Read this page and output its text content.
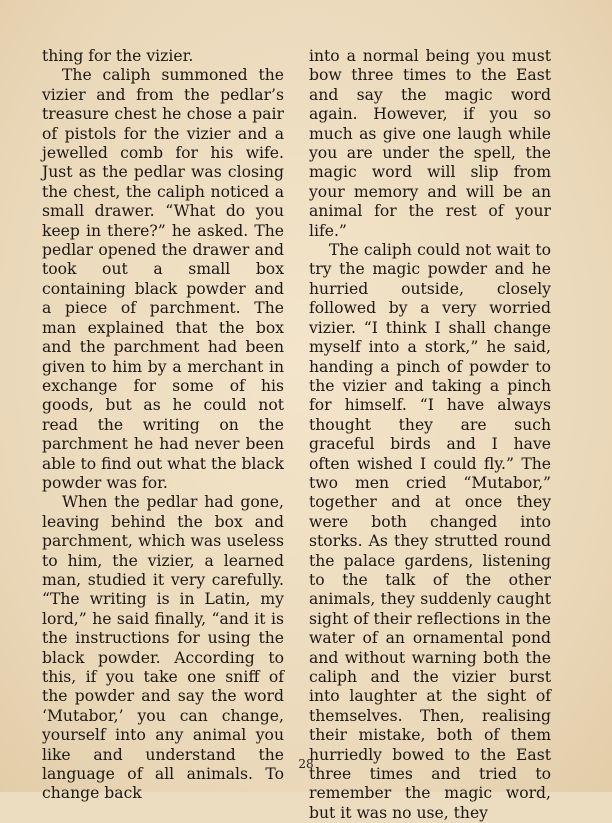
thing for the vizier.

The caliph summoned the vizier and from the pedlar’s treasure chest he chose a pair of pistols for the vizier and a jewelled comb for his wife. Just as the pedlar was closing the chest, the caliph noticed a small drawer. “What do you keep in there?” he asked. The pedlar opened the drawer and took out a small box containing black powder and a piece of parchment. The man explained that the box and the parchment had been given to him by a merchant in exchange for some of his goods, but as he could not read the writing on the parchment he had never been able to find out what the black powder was for.

When the pedlar had gone, leaving behind the box and parchment, which was useless to him, the vizier, a learned man, studied it very carefully. “The writing is in Latin, my lord,” he said finally, “and it is the instructions for using the black powder. According to this, if you take one sniff of the powder and say the word ‘Mutabor,’ you can change, yourself into any animal you like and understand the language of all animals. To change back

into a normal being you must bow three times to the East and say the magic word again. However, if you so much as give one laugh while you are under the spell, the magic word will slip from your memory and will be an animal for the rest of your life.”

The caliph could not wait to try the magic powder and he hurried outside, closely followed by a very worried vizier. “I think I shall change myself into a stork,” he said, handing a pinch of powder to the vizier and taking a pinch for himself. “I have always thought they are such graceful birds and I have often wished I could fly.” The two men cried “Mutabor,” together and at once they were both changed into storks. As they strutted round the palace gardens, listening to the talk of the other animals, they suddenly caught sight of their reflections in the water of an ornamental pond and without warning both the caliph and the vizier burst into laughter at the sight of themselves. Then, realising their mistake, both of them hurriedly bowed to the East three times and tried to remember the magic word, but it was no use, they

28
